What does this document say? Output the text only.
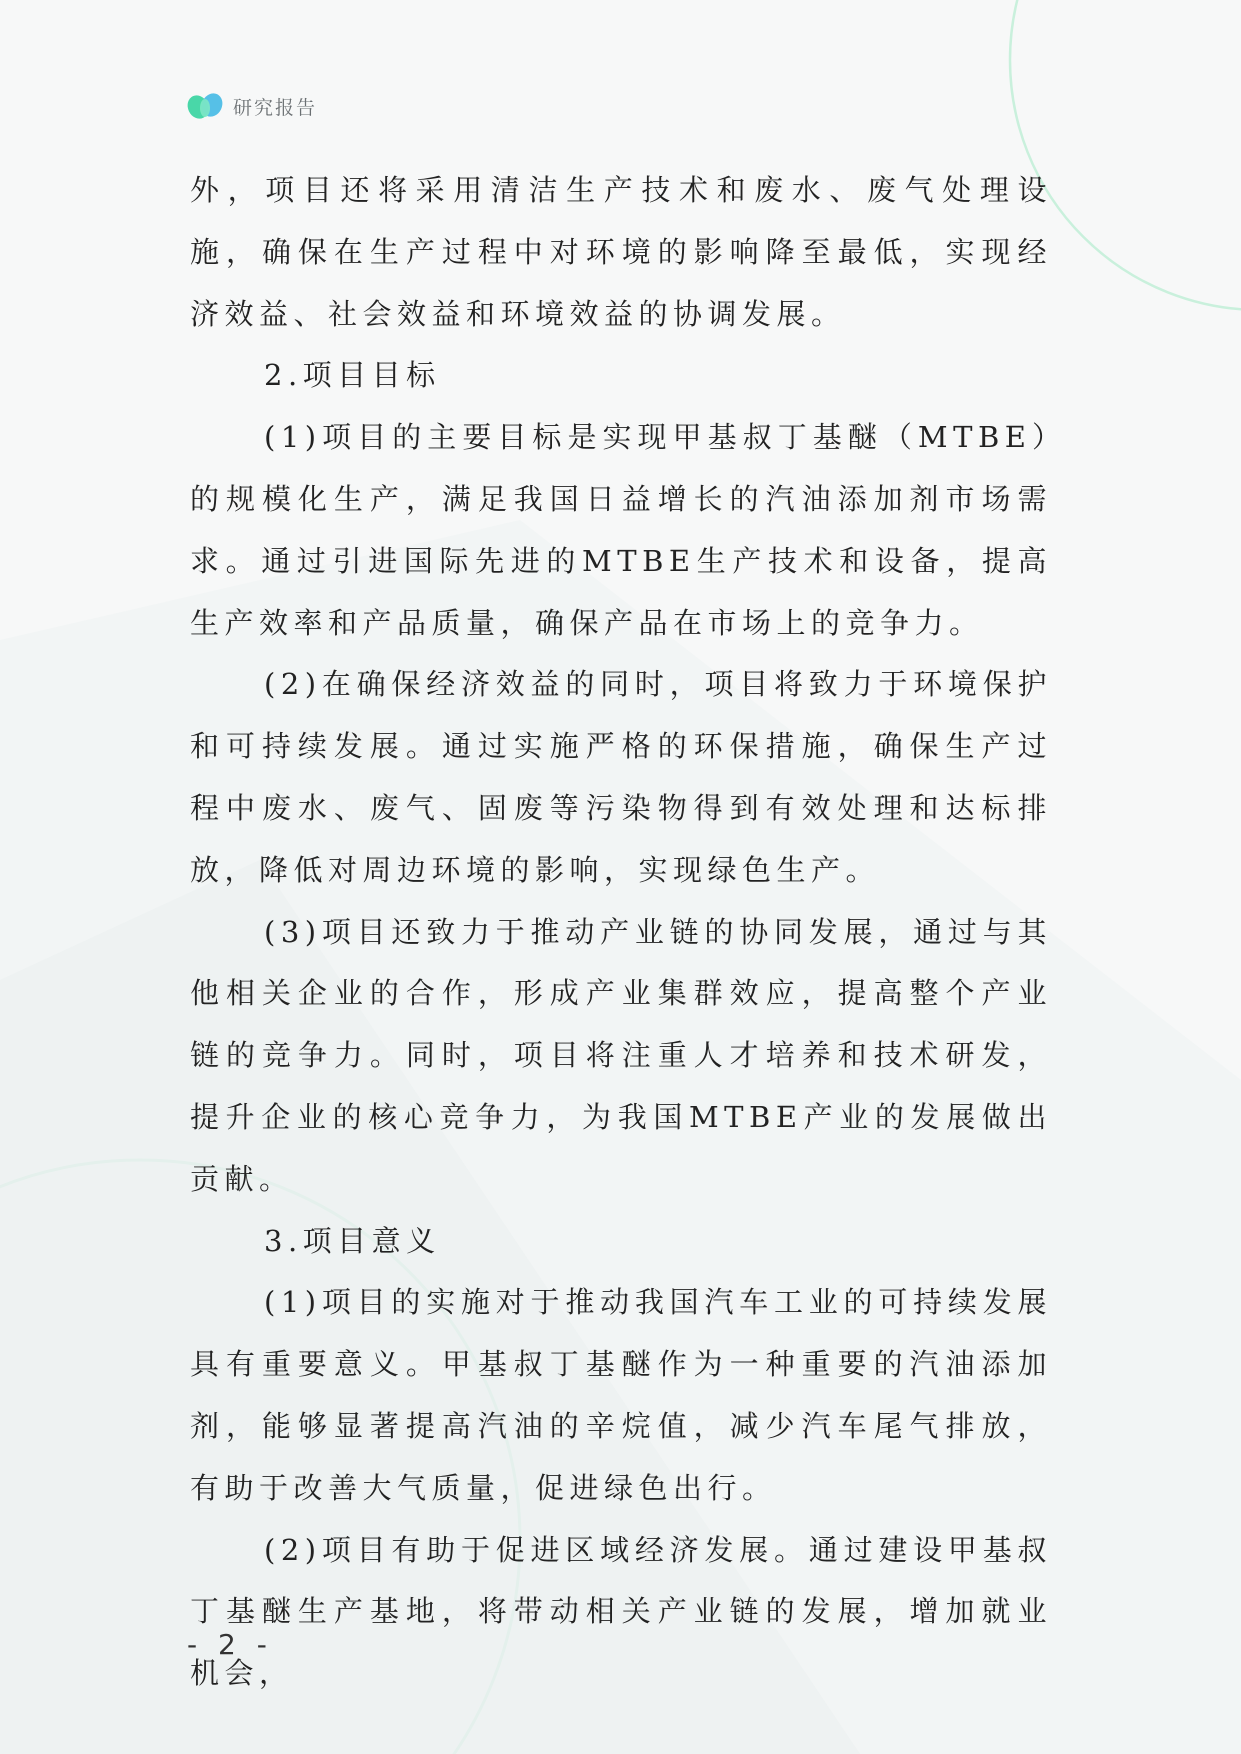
研究报告

外，项目还将采用清洁生产技术和废水、废气处理设施，确保在生产过程中对环境的影响降至最低，实现经济效益、社会效益和环境效益的协调发展。

2.项目目标

(1)项目的主要目标是实现甲基叔丁基醚（MTBE）的规模化生产，满足我国日益增长的汽油添加剂市场需求。通过引进国际先进的MTBE生产技术和设备，提高生产效率和产品质量，确保产品在市场上的竞争力。

(2)在确保经济效益的同时，项目将致力于环境保护和可持续发展。通过实施严格的环保措施，确保生产过程中废水、废气、固废等污染物得到有效处理和达标排放，降低对周边环境的影响，实现绿色生产。

(3)项目还致力于推动产业链的协同发展，通过与其他相关企业的合作，形成产业集群效应，提高整个产业链的竞争力。同时，项目将注重人才培养和技术研发，提升企业的核心竞争力，为我国MTBE产业的发展做出贡献。

3.项目意义

(1)项目的实施对于推动我国汽车工业的可持续发展具有重要意义。甲基叔丁基醚作为一种重要的汽油添加剂，能够显著提高汽油的辛烷值，减少汽车尾气排放，有助于改善大气质量，促进绿色出行。

(2)项目有助于促进区域经济发展。通过建设甲基叔丁基醚生产基地，将带动相关产业链的发展，增加就业机会，

- 2 -
